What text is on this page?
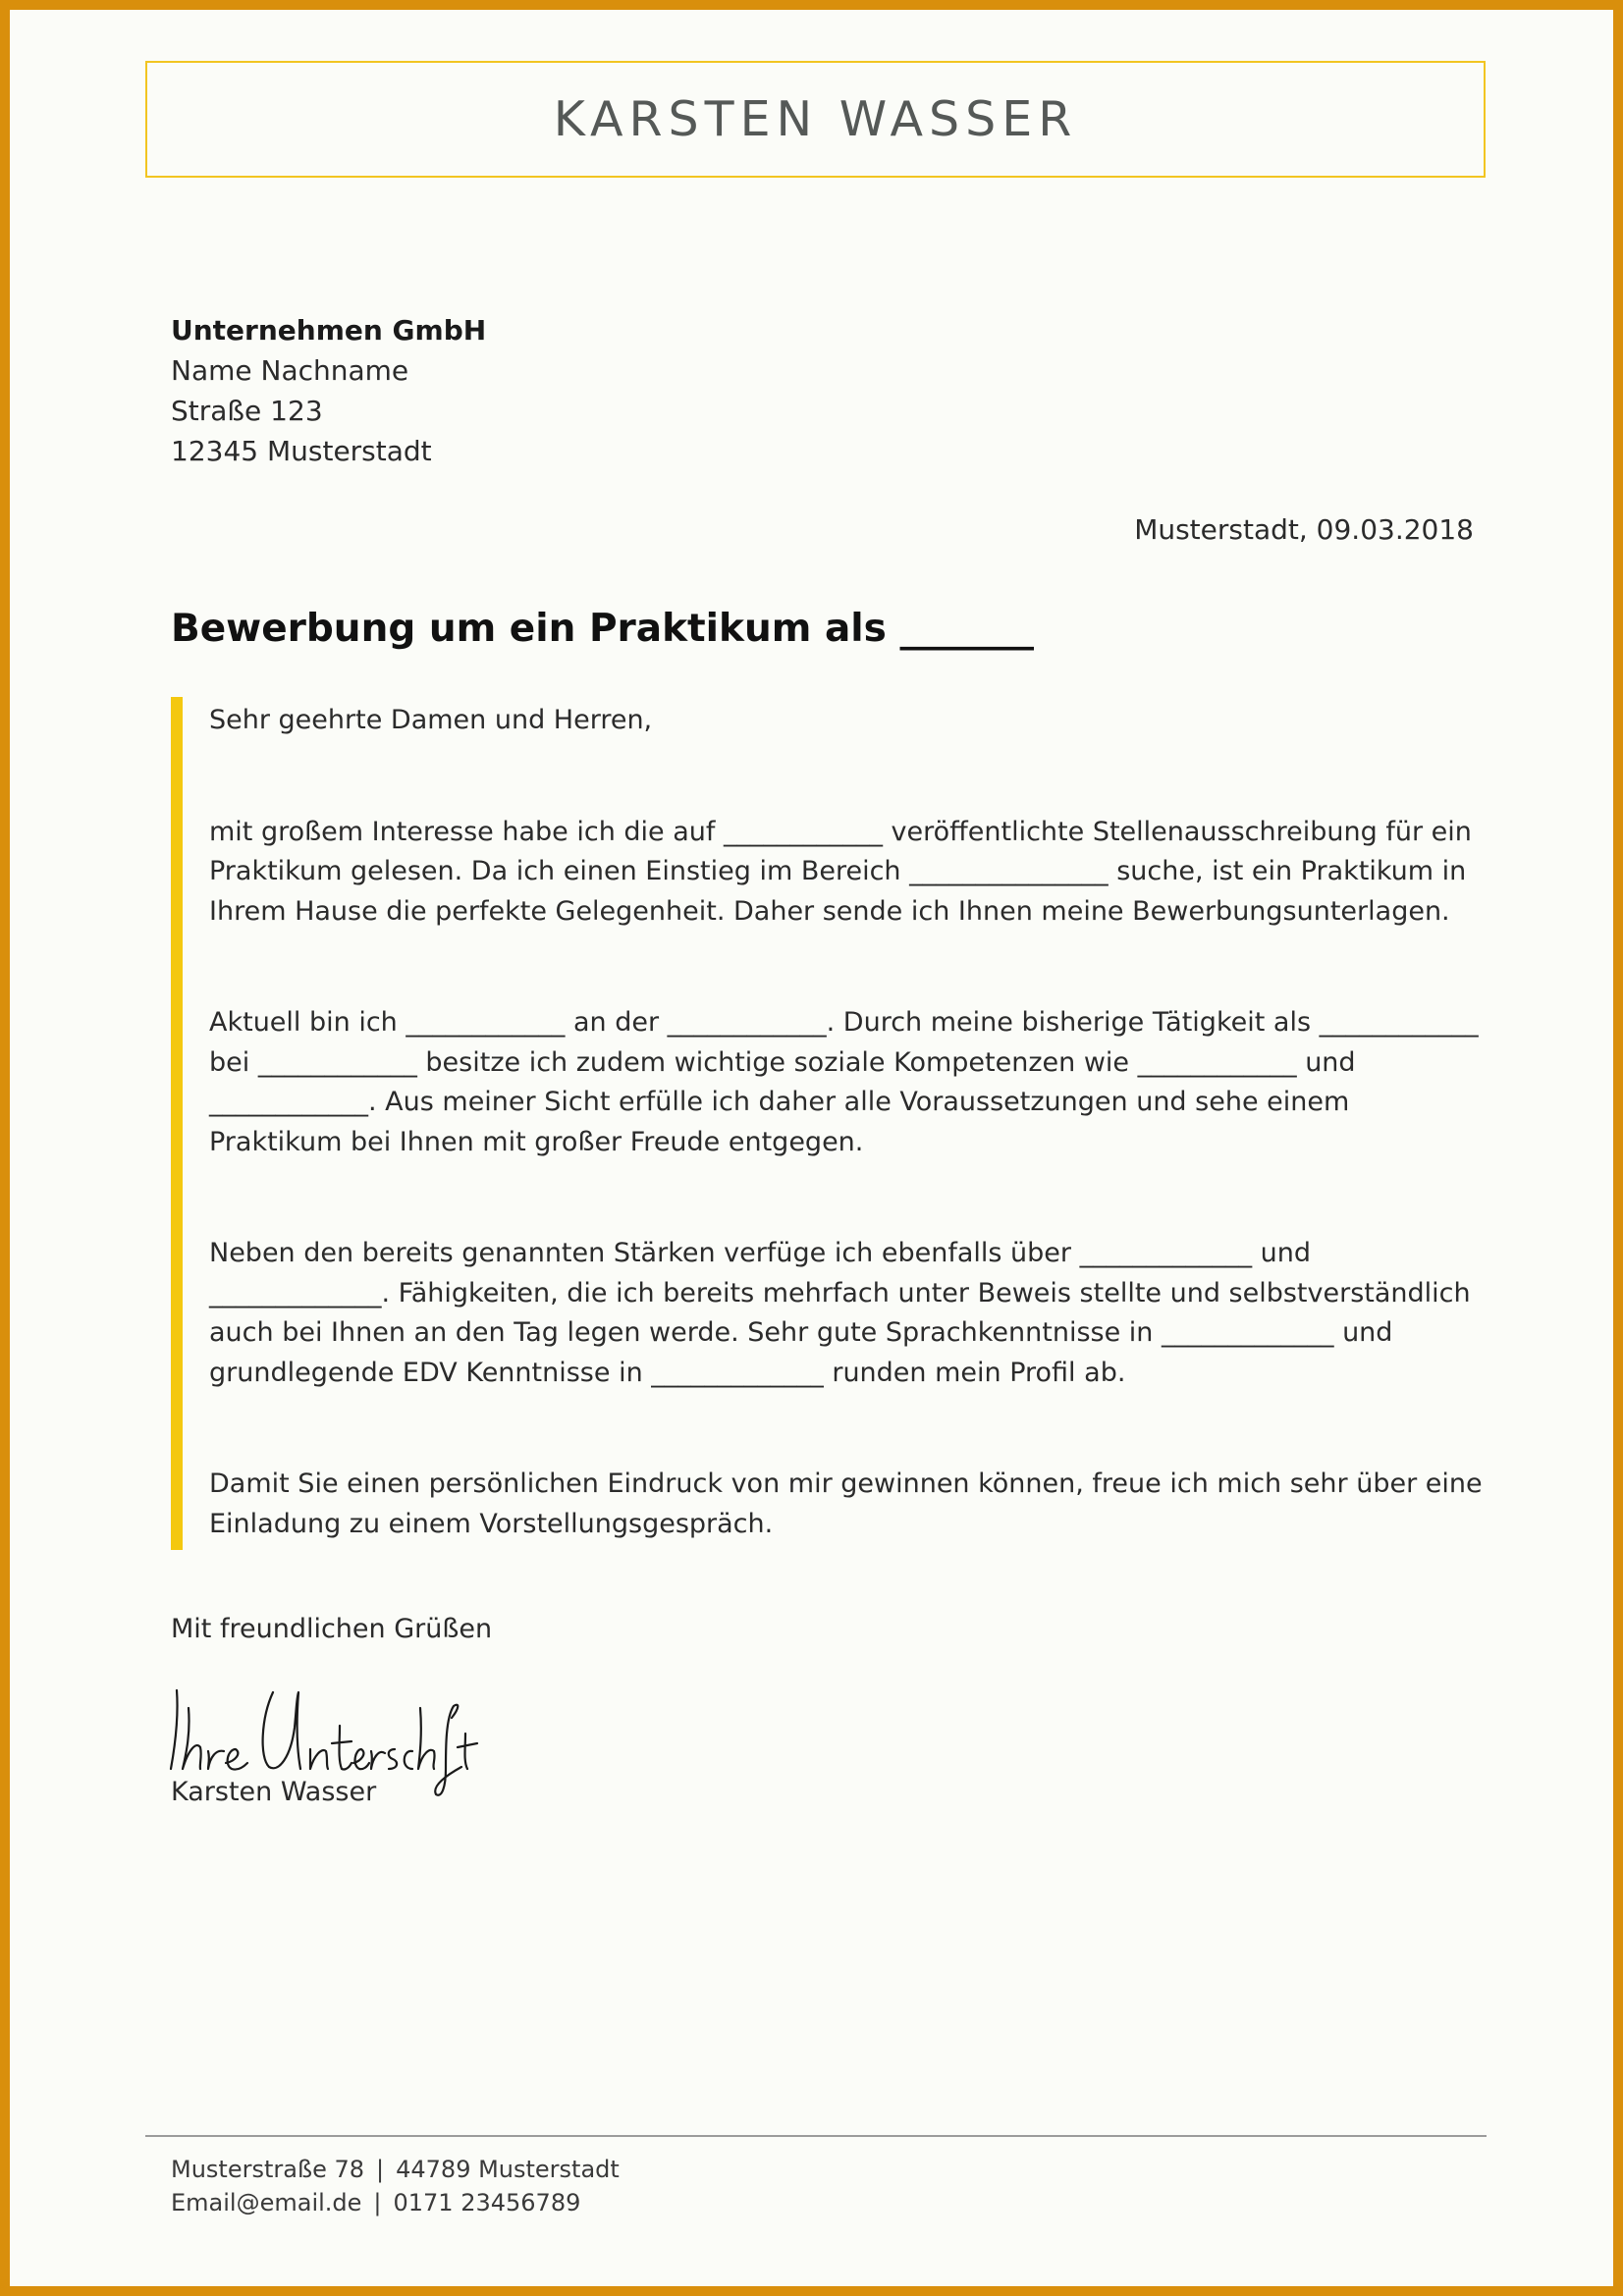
KARSTEN WASSER
Unternehmen GmbH
Name Nachname
Straße 123
12345 Musterstadt
Musterstadt, 09.03.2018
Bewerbung um ein Praktikum als _______

Sehr geehrte Damen und Herren,

mit großem Interesse habe ich die auf ____________ veröffentlichte Stellenausschreibung für ein Praktikum gelesen. Da ich einen Einstieg im Bereich _______________ suche, ist ein Praktikum in Ihrem Hause die perfekte Gelegenheit. Daher sende ich Ihnen meine Bewerbungsunterlagen.

Aktuell bin ich ____________ an der ____________. Durch meine bisherige Tätigkeit als ____________ bei ____________ besitze ich zudem wichtige soziale Kompetenzen wie ____________ und ____________. Aus meiner Sicht erfülle ich daher alle Voraussetzungen und sehe einem Praktikum bei Ihnen mit großer Freude entgegen.

Neben den bereits genannten Stärken verfüge ich ebenfalls über _____________ und _____________. Fähigkeiten, die ich bereits mehrfach unter Beweis stellte und selbstverständlich auch bei Ihnen an den Tag legen werde. Sehr gute Sprachkenntnisse in _____________ und grundlegende EDV Kenntnisse in _____________ runden mein Profil ab.

Damit Sie einen persönlichen Eindruck von mir gewinnen können, freue ich mich sehr über eine Einladung zu einem Vorstellungsgespräch.

Mit freundlichen Grüßen
Karsten Wasser
Musterstraße 78 | 44789 Musterstadt
Email@email.de | 0171 23456789
